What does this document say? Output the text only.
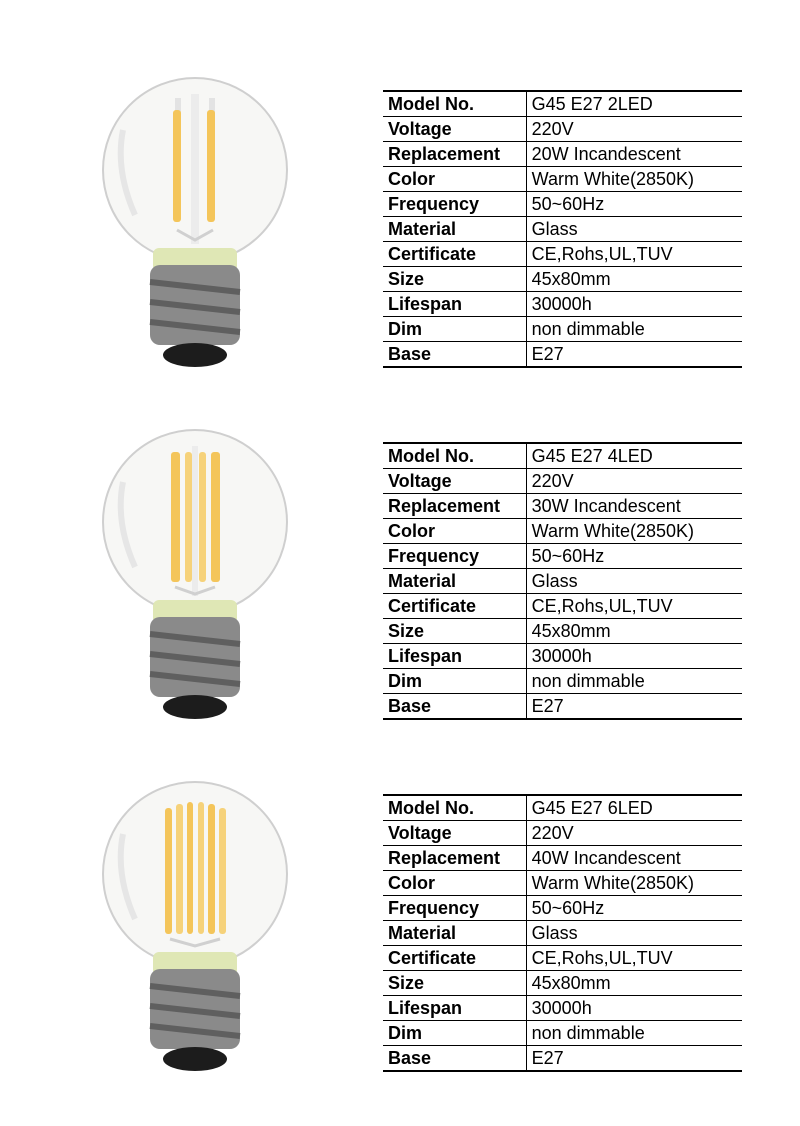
Model No.	G45 E27 2LED
Voltage	220V
Replacement	20W Incandescent
Color	Warm White(2850K)
Frequency	50~60Hz
Material	Glass
Certificate	CE,Rohs,UL,TUV
Size	45x80mm
Lifespan	30000h
Dim	non dimmable
Base	E27
Model No.	G45 E27 4LED
Voltage	220V
Replacement	30W Incandescent
Color	Warm White(2850K)
Frequency	50~60Hz
Material	Glass
Certificate	CE,Rohs,UL,TUV
Size	45x80mm
Lifespan	30000h
Dim	non dimmable
Base	E27
Model No.	G45 E27 6LED
Voltage	220V
Replacement	40W Incandescent
Color	Warm White(2850K)
Frequency	50~60Hz
Material	Glass
Certificate	CE,Rohs,UL,TUV
Size	45x80mm
Lifespan	30000h
Dim	non dimmable
Base	E27
